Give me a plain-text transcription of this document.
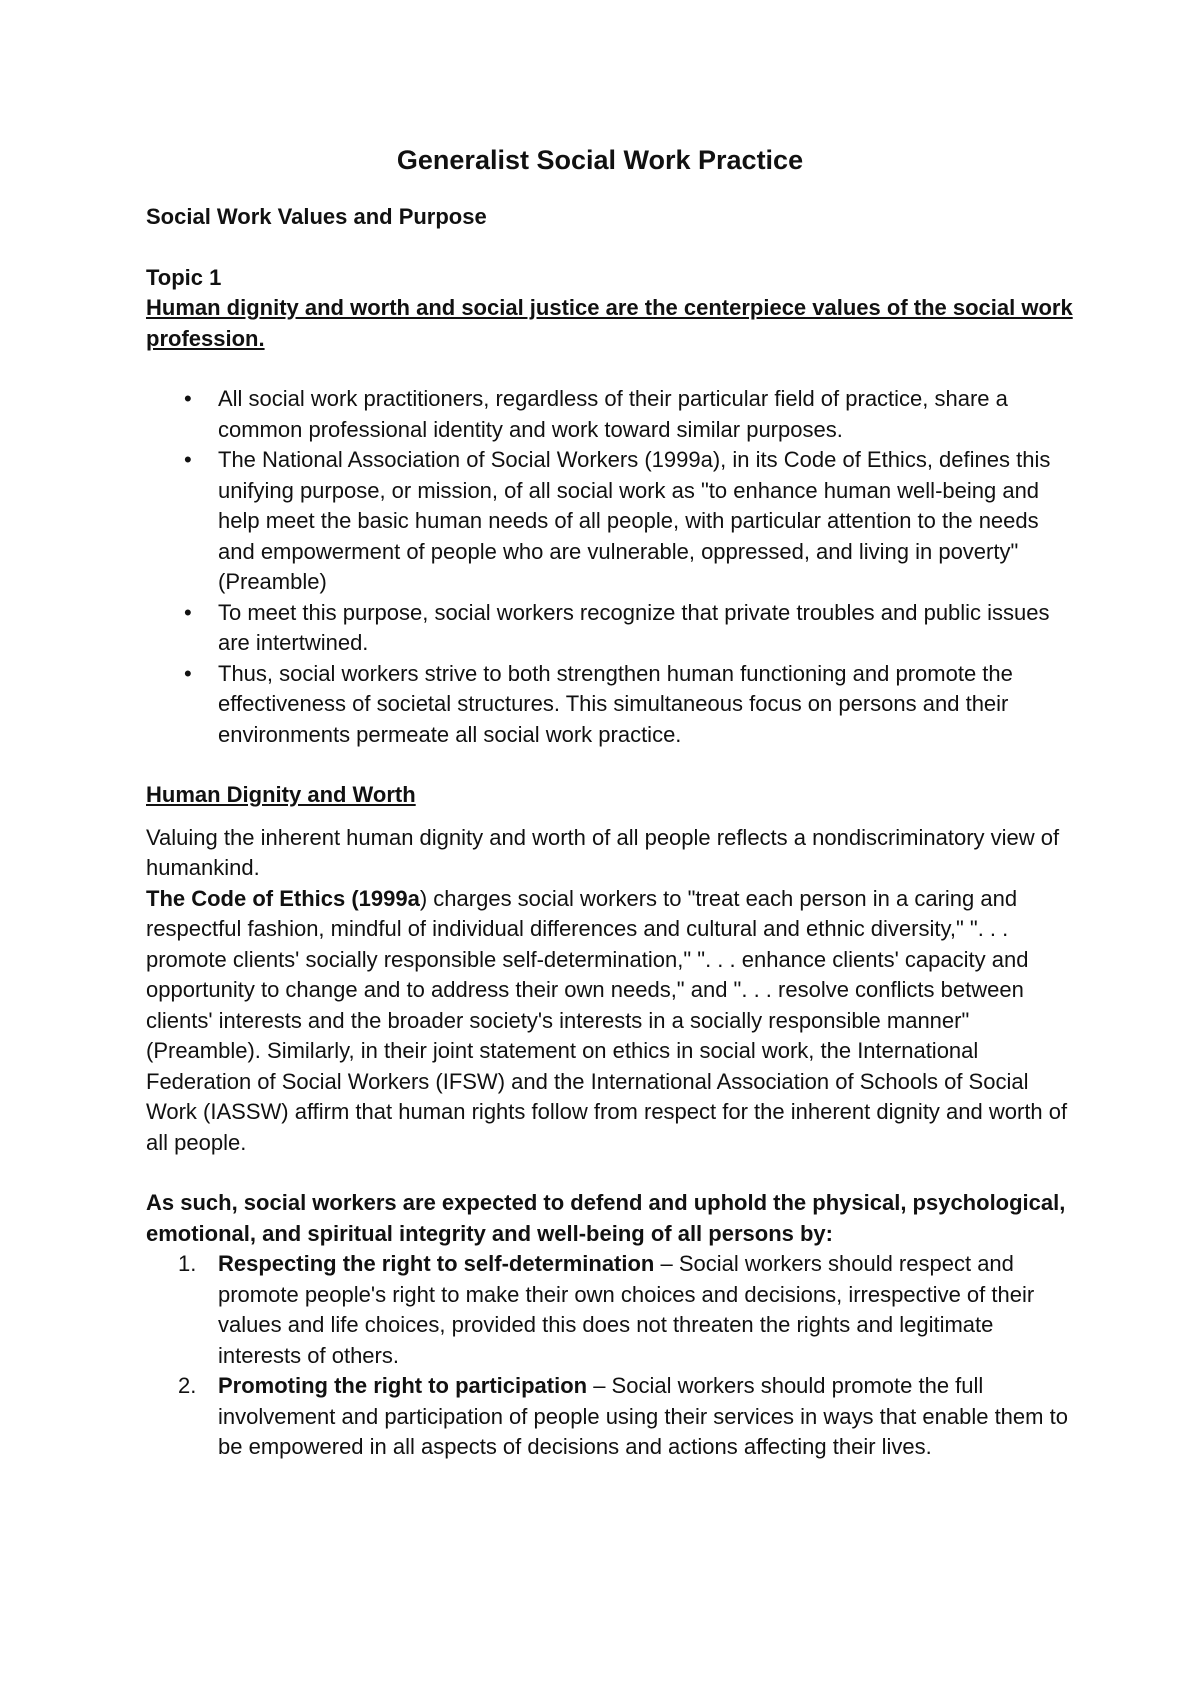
Generalist Social Work Practice
Social Work Values and Purpose
Topic 1
Human dignity and worth and social justice are the centerpiece values of the social work profession.
• All social work practitioners, regardless of their particular field of practice, share a common professional identity and work toward similar purposes.
• The National Association of Social Workers (1999a), in its Code of Ethics, defines this unifying purpose, or mission, of all social work as "to enhance human well-being and help meet the basic human needs of all people, with particular attention to the needs and empowerment of people who are vulnerable, oppressed, and living in poverty" (Preamble)
• To meet this purpose, social workers recognize that private troubles and public issues are intertwined.
• Thus, social workers strive to both strengthen human functioning and promote the effectiveness of societal structures. This simultaneous focus on persons and their environments permeate all social work practice.
Human Dignity and Worth

Valuing the inherent human dignity and worth of all people reflects a nondiscriminatory view of humankind.

The Code of Ethics (1999a) charges social workers to "treat each person in a caring and respectful fashion, mindful of individual differences and cultural and ethnic diversity," ". . . promote clients' socially responsible self-determination," ". . . enhance clients' capacity and opportunity to change and to address their own needs," and ". . . resolve conflicts between clients' interests and the broader society's interests in a socially responsible manner" (Preamble). Similarly, in their joint statement on ethics in social work, the International Federation of Social Workers (IFSW) and the International Association of Schools of Social Work (IASSW) affirm that human rights follow from respect for the inherent dignity and worth of all people.

As such, social workers are expected to defend and uphold the physical, psychological, emotional, and spiritual integrity and well-being of all persons by:

1. Respecting the right to self-determination – Social workers should respect and promote people's right to make their own choices and decisions, irrespective of their values and life choices, provided this does not threaten the rights and legitimate interests of others.
2. Promoting the right to participation – Social workers should promote the full involvement and participation of people using their services in ways that enable them to be empowered in all aspects of decisions and actions affecting their lives.
